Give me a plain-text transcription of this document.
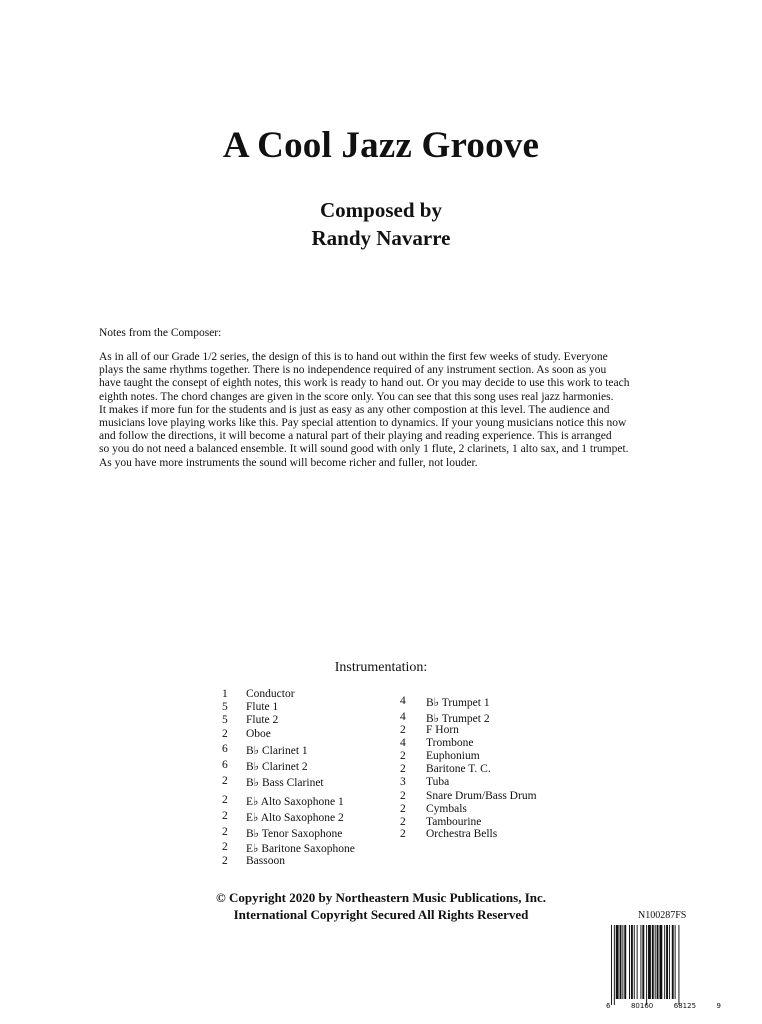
A Cool Jazz Groove
Composed by
Randy Navarre
Notes from the Composer:
As in all of our Grade 1/2 series, the design of this is to hand out within the first few weeks of study. Everyone
plays the same rhythms together. There is no independence required of any instrument section. As soon as you
have taught the consept of eighth notes, this work is ready to hand out. Or you may decide to use this work to teach
eighth notes. The chord changes are given in the score only. You can see that this song uses real jazz harmonies.
It makes if more fun for the students and is just as easy as any other compostion at this level. The audience and
musicians love playing works like this. Pay special attention to dynamics. If your young musicians notice this now
and follow the directions, it will become a natural part of their playing and reading experience. This is arranged
so you do not need a balanced ensemble. It will sound good with only 1 flute, 2 clarinets, 1 alto sax, and 1 trumpet.
As you have more instruments the sound will become richer and fuller, not louder.
Instrumentation:
1	Conductor
5	Flute 1
5	Flute 2
2	Oboe
6	B♭ Clarinet 1
6	B♭ Clarinet 2
2	B♭ Bass Clarinet
2	E♭ Alto Saxophone 1
2	E♭ Alto Saxophone 2
2	B♭ Tenor Saxophone
2	E♭ Baritone Saxophone
2	Bassoon
4	B♭ Trumpet 1
4	B♭ Trumpet 2
2	F Horn
4	Trombone
2	Euphonium
2	Baritone T. C.
3	Tuba
2	Snare Drum/Bass Drum
2	Cymbals
2	Tambourine
2	Orchestra Bells
© Copyright 2020 by Northeastern Music Publications, Inc.
International Copyright Secured All Rights Reserved	N100287FS
6	80160	68125	9
